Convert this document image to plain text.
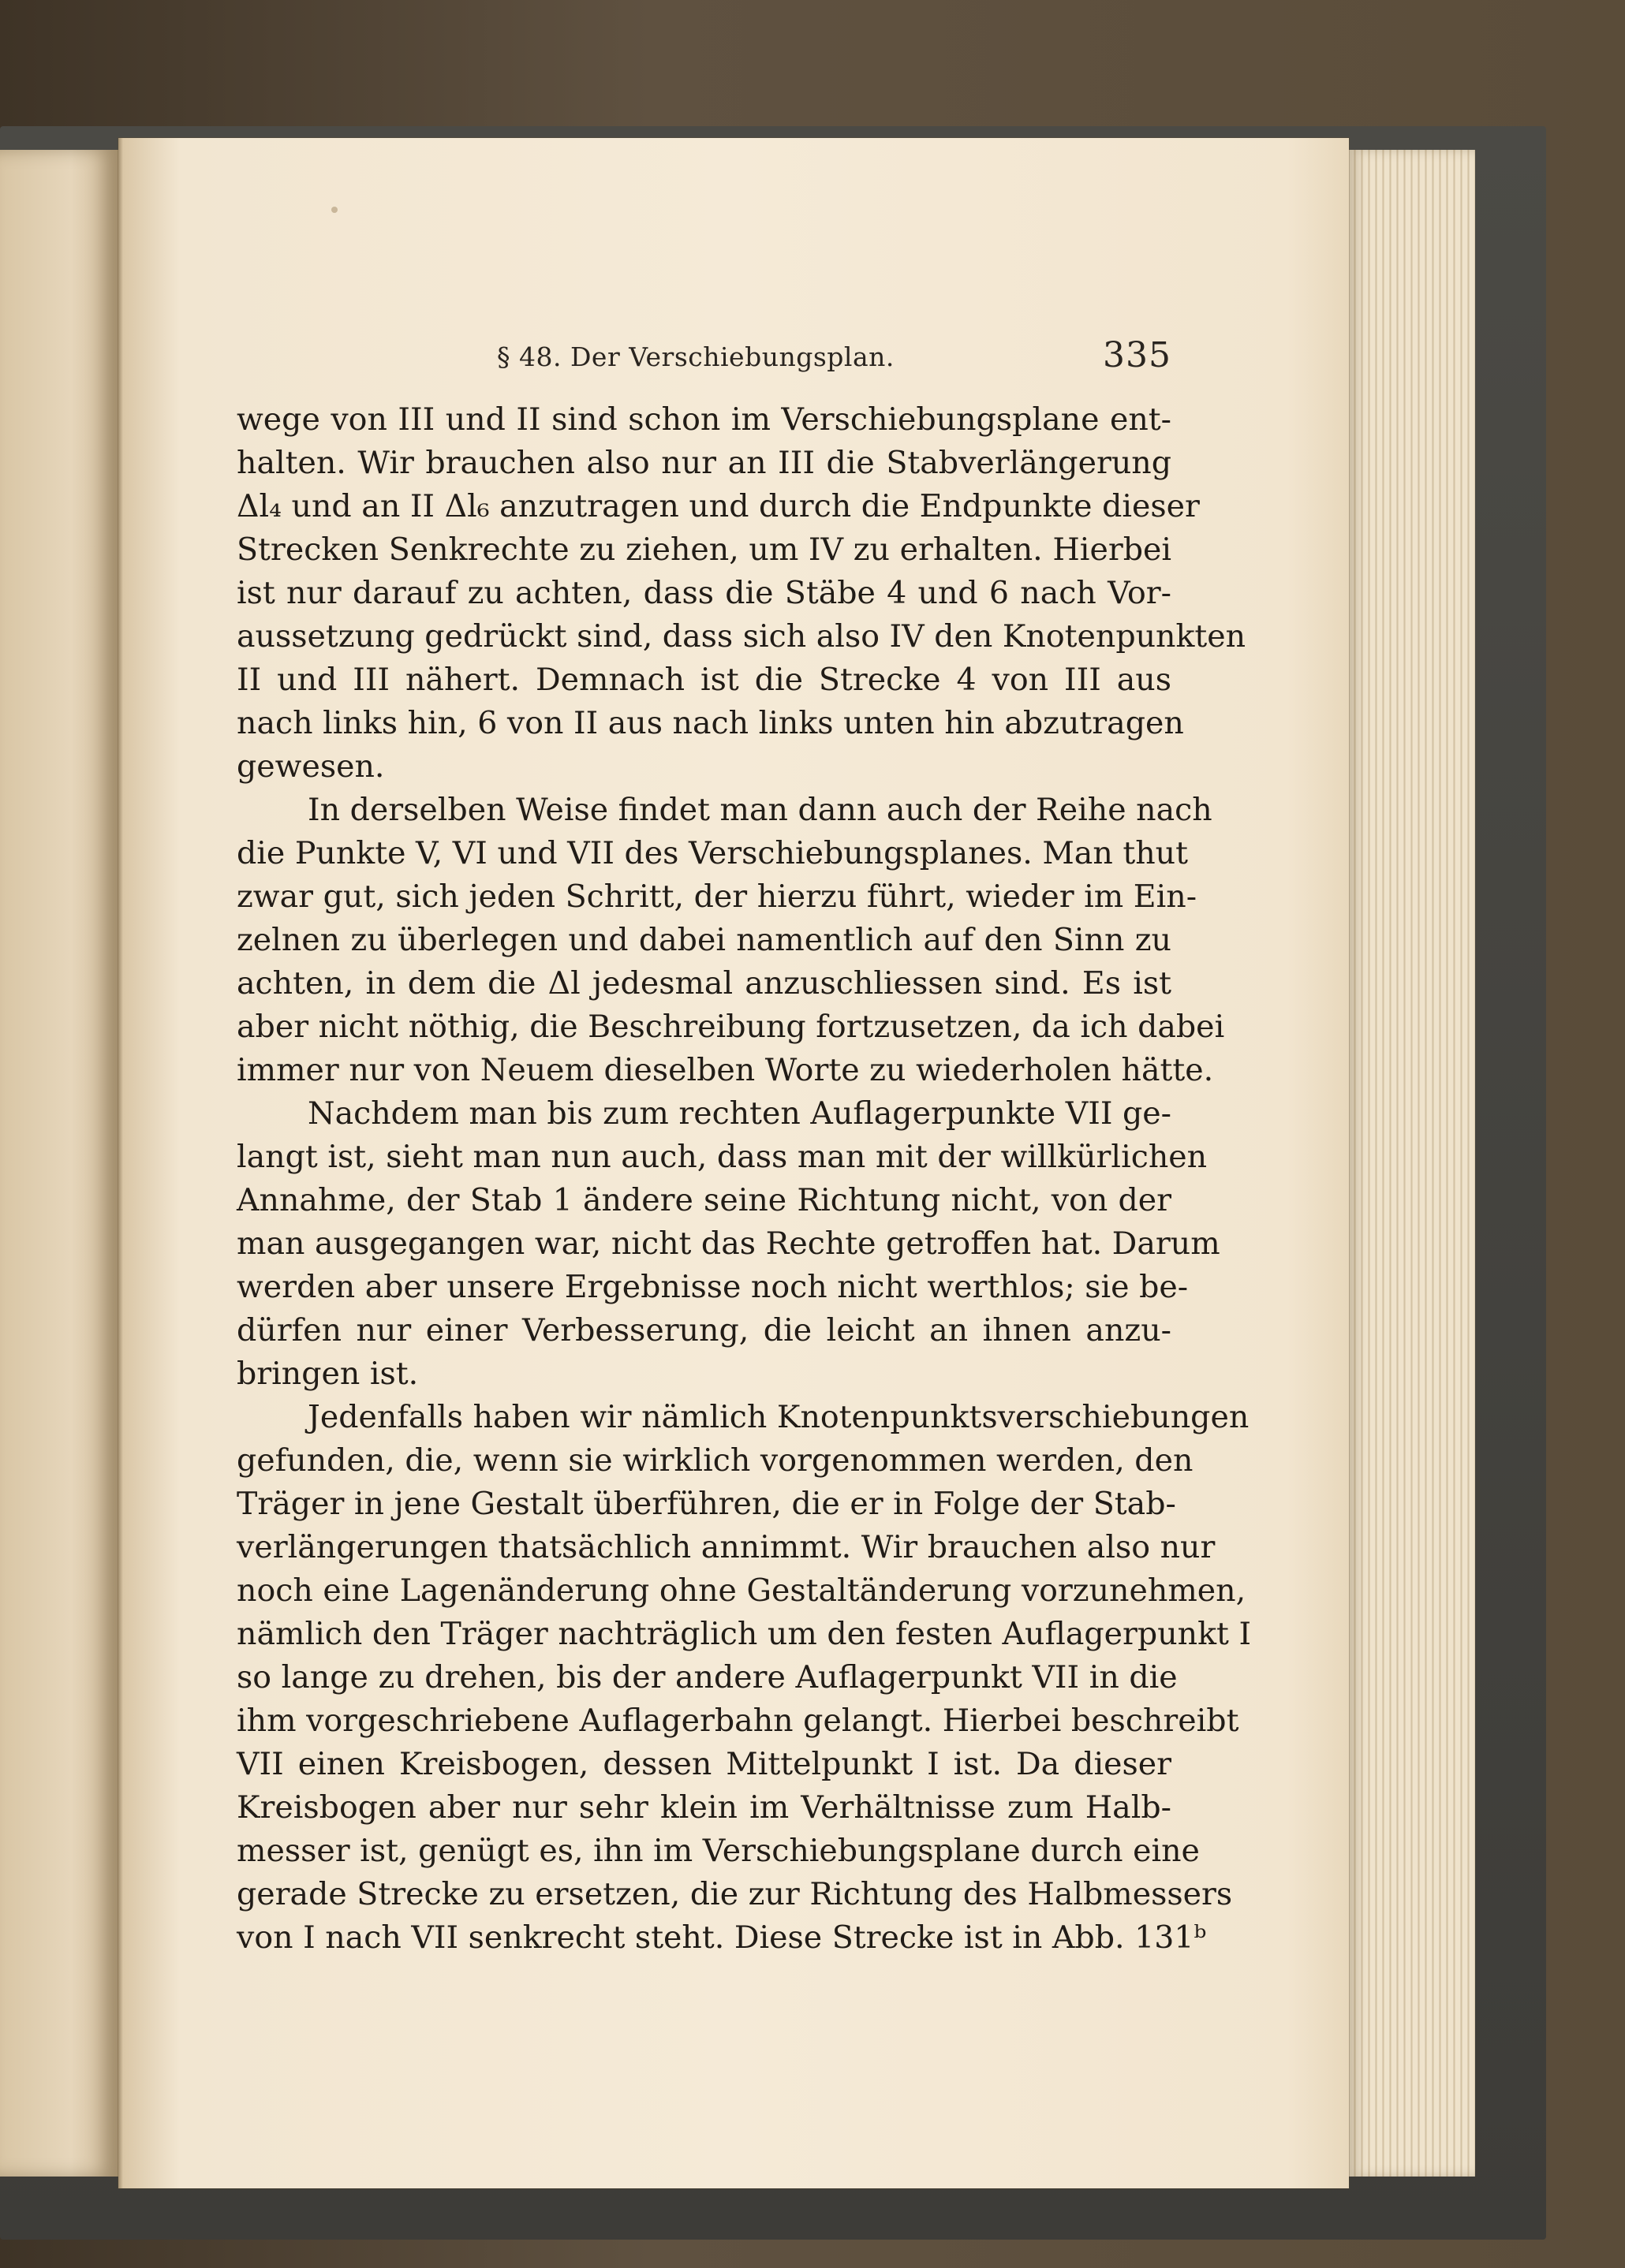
§ 48. Der Verschiebungsplan.	335
wege von III und II sind schon im Verschiebungsplane ent-
halten. Wir brauchen also nur an III die Stabverlängerung
Δl₄ und an II Δl₆ anzutragen und durch die Endpunkte dieser
Strecken Senkrechte zu ziehen, um IV zu erhalten. Hierbei
ist nur darauf zu achten, dass die Stäbe 4 und 6 nach Vor-
aussetzung gedrückt sind, dass sich also IV den Knotenpunkten
II und III nähert. Demnach ist die Strecke 4 von III aus
nach links hin, 6 von II aus nach links unten hin abzutragen
gewesen.
In derselben Weise findet man dann auch der Reihe nach
die Punkte V, VI und VII des Verschiebungsplanes. Man thut
zwar gut, sich jeden Schritt, der hierzu führt, wieder im Ein-
zelnen zu überlegen und dabei namentlich auf den Sinn zu
achten, in dem die Δl jedesmal anzuschliessen sind. Es ist
aber nicht nöthig, die Beschreibung fortzusetzen, da ich dabei
immer nur von Neuem dieselben Worte zu wiederholen hätte.
Nachdem man bis zum rechten Auflagerpunkte VII ge-
langt ist, sieht man nun auch, dass man mit der willkürlichen
Annahme, der Stab 1 ändere seine Richtung nicht, von der
man ausgegangen war, nicht das Rechte getroffen hat. Darum
werden aber unsere Ergebnisse noch nicht werthlos; sie be-
dürfen nur einer Verbesserung, die leicht an ihnen anzu-
bringen ist.
Jedenfalls haben wir nämlich Knotenpunktsverschiebungen
gefunden, die, wenn sie wirklich vorgenommen werden, den
Träger in jene Gestalt überführen, die er in Folge der Stab-
verlängerungen thatsächlich annimmt. Wir brauchen also nur
noch eine Lagenänderung ohne Gestaltänderung vorzunehmen,
nämlich den Träger nachträglich um den festen Auflagerpunkt I
so lange zu drehen, bis der andere Auflagerpunkt VII in die
ihm vorgeschriebene Auflagerbahn gelangt. Hierbei beschreibt
VII einen Kreisbogen, dessen Mittelpunkt I ist. Da dieser
Kreisbogen aber nur sehr klein im Verhältnisse zum Halb-
messer ist, genügt es, ihn im Verschiebungsplane durch eine
gerade Strecke zu ersetzen, die zur Richtung des Halbmessers
von I nach VII senkrecht steht. Diese Strecke ist in Abb. 131ᵇ
